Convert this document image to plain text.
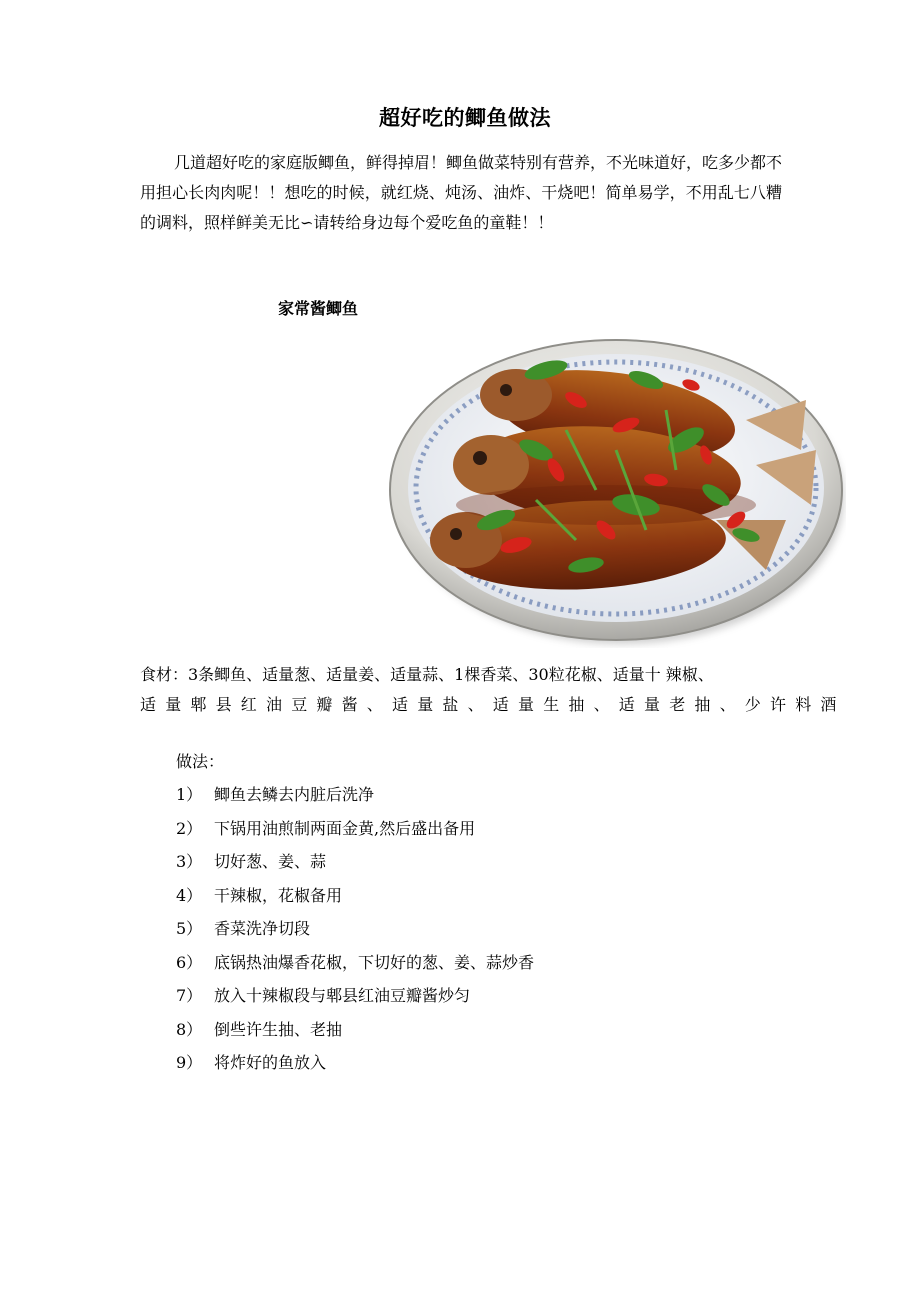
超好吃的鲫鱼做法

几道超好吃的家庭版鲫鱼，鲜得掉眉！鲫鱼做菜特别有营养，不光味道好，吃多少都不用担心长肉肉呢！！想吃的时候，就红烧、炖汤、油炸、干烧吧！简单易学，不用乱七八糟的调料，照样鲜美无比∽请转给身边每个爱吃鱼的童鞋！！

家常酱鲫鱼
食材：3条鲫鱼、适量葱、适量姜、适量蒜、1棵香菜、30粒花椒、适量十 辣椒、
适量郫县红油豆瓣酱、适量盐、适量生抽、适量老抽、少许料酒
做法：
1） 鲫鱼去鳞去内脏后洗净
2） 下锅用油煎制两面金黄,然后盛出备用
3） 切好葱、姜、蒜
4） 干辣椒，花椒备用
5） 香菜洗净切段
6） 底锅热油爆香花椒，下切好的葱、姜、蒜炒香
7） 放入十辣椒段与郫县红油豆瓣酱炒匀
8） 倒些许生抽、老抽
9） 将炸好的鱼放入
